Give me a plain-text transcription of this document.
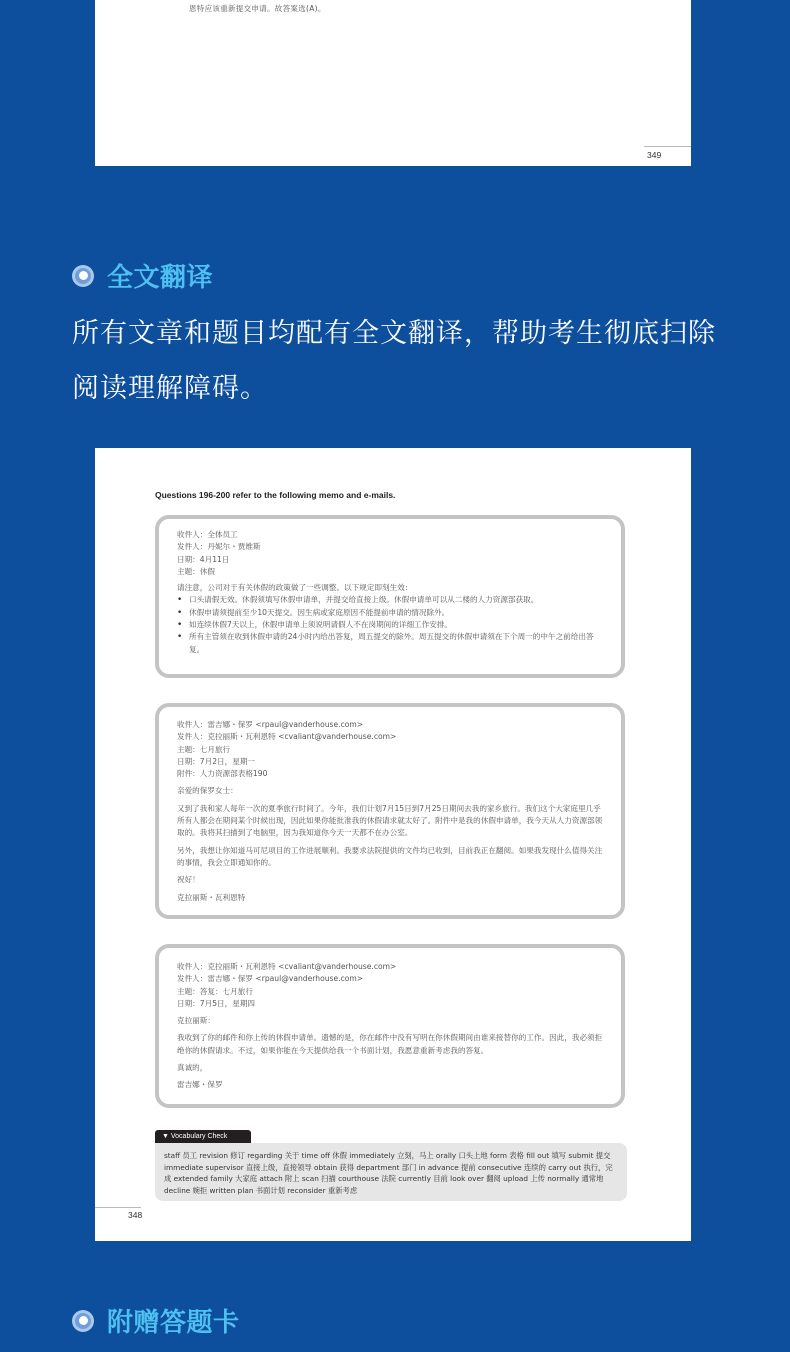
恩特应该重新提交申请。故答案选(A)。
349
全文翻译
所有文章和题目均配有全文翻译，帮助考生彻底扫除阅读理解障碍。
Questions 196-200 refer to the following memo and e-mails.
收件人：全体员工
发件人：丹妮尔・贾维斯
日期：4月11日
主题：休假
请注意，公司对于有关休假的政策做了一些调整。以下规定即刻生效：
• 口头请假无效。休假须填写休假申请单，并提交给直接上级。休假申请单可以从二楼的人力资源部获取。
• 休假申请须提前至少10天提交。因生病或家庭原因不能提前申请的情况除外。
• 如连续休假7天以上，休假申请单上须说明请假人不在岗期间的详细工作安排。
• 所有主管须在收到休假申请的24小时内给出答复，周五提交的除外。周五提交的休假申请须在下个周一的中午之前给出答复。
收件人：雷吉娜・保罗 <rpaul@vanderhouse.com>
发件人：克拉丽斯・瓦利恩特 <cvaliant@vanderhouse.com>
主题：七月旅行
日期：7月2日，星期一
附件：人力资源部表格190
亲爱的保罗女士：
又到了我和家人每年一次的夏季旅行时间了。今年，我们计划7月15日到7月25日期间去我的家乡旅行。我们这个大家庭里几乎所有人都会在期间某个时候出现，因此如果你能批准我的休假请求就太好了。附件中是我的休假申请单，我今天从人力资源部领取的。我将其扫描到了电脑里，因为我知道你今天一天都不在办公室。
另外，我想让你知道马可尼项目的工作进展顺利。我要求法院提供的文件均已收到，目前我正在翻阅。如果我发现什么值得关注的事情，我会立即通知你的。
祝好！
克拉丽斯・瓦利恩特
收件人：克拉丽斯・瓦利恩特 <cvaliant@vanderhouse.com>
发件人：雷吉娜・保罗 <rpaul@vanderhouse.com>
主题：答复：七月旅行
日期：7月5日，星期四
克拉丽斯：
我收到了你的邮件和你上传的休假申请单。遗憾的是，你在邮件中没有写明在你休假期间由谁来接替你的工作。因此，我必须拒绝你的休假请求。不过，如果你能在今天提供给我一个书面计划，我愿意重新考虑我的答复。
真诚的，
雷吉娜・保罗
▼ Vocabulary Check
staff 员工 revision 修订 regarding 关于 time off 休假 immediately 立刻，马上 orally 口头上地 form 表格 fill out 填写 submit 提交 immediate supervisor 直接上级，直接领导 obtain 获得 department 部门 in advance 提前 consecutive 连续的 carry out 执行，完成 extended family 大家庭 attach 附上 scan 扫描 courthouse 法院 currently 目前 look over 翻阅 upload 上传 normally 通常地 decline 婉拒 written plan 书面计划 reconsider 重新考虑
348
附赠答题卡
